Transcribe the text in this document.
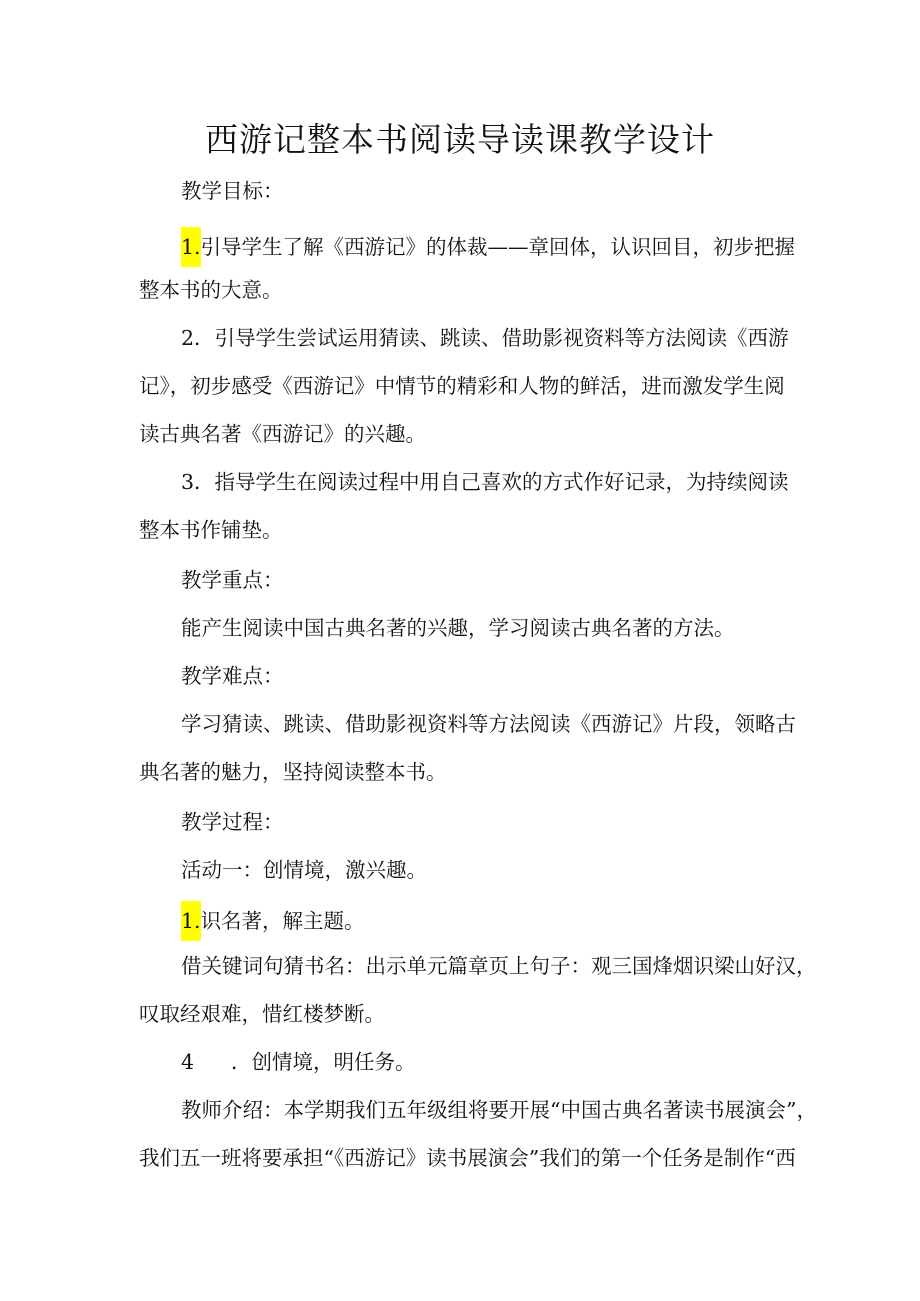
西游记整本书阅读导读课教学设计
教学目标：
1.引导学生了解《西游记》的体裁——章回体，认识回目，初步把握
整本书的大意。
2．引导学生尝试运用猜读、跳读、借助影视资料等方法阅读《西游
记》，初步感受《西游记》中情节的精彩和人物的鲜活，进而激发学生阅
读古典名著《西游记》的兴趣。
3．指导学生在阅读过程中用自己喜欢的方式作好记录，为持续阅读
整本书作铺垫。
教学重点：
能产生阅读中国古典名著的兴趣，学习阅读古典名著的方法。
教学难点：
学习猜读、跳读、借助影视资料等方法阅读《西游记》片段，领略古
典名著的魅力，坚持阅读整本书。
教学过程：
活动一：创情境，激兴趣。
1.识名著，解主题。
借关键词句猜书名：出示单元篇章页上句子：观三国烽烟识梁山好汉，
叹取经艰难，惜红楼梦断。
4 ．创情境，明任务。
教师介绍：本学期我们五年级组将要开展“中国古典名著读书展演会”，
我们五一班将要承担“《西游记》读书展演会”我们的第一个任务是制作“西
